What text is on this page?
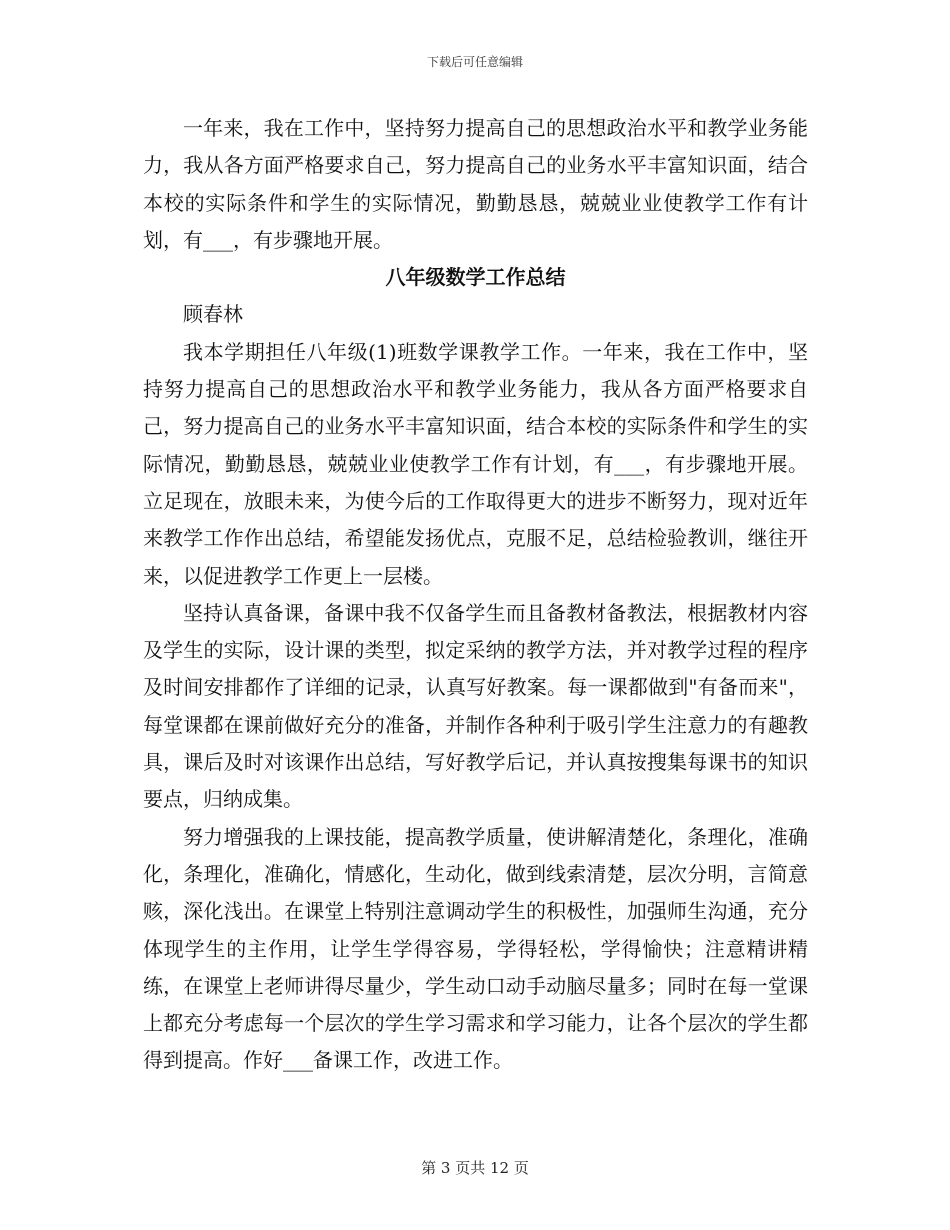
下载后可任意编辑

一年来，我在工作中，坚持努力提高自己的思想政治水平和教学业务能力，我从各方面严格要求自己，努力提高自己的业务水平丰富知识面，结合本校的实际条件和学生的实际情况，勤勤恳恳，兢兢业业使教学工作有计划，有___，有步骤地开展。

八年级数学工作总结

顾春林

我本学期担任八年级(1)班数学课教学工作。一年来，我在工作中，坚持努力提高自己的思想政治水平和教学业务能力，我从各方面严格要求自己，努力提高自己的业务水平丰富知识面，结合本校的实际条件和学生的实际情况，勤勤恳恳，兢兢业业使教学工作有计划，有___，有步骤地开展。立足现在，放眼未来，为使今后的工作取得更大的进步不断努力，现对近年来教学工作作出总结，希望能发扬优点，克服不足，总结检验教训，继往开来，以促进教学工作更上一层楼。

坚持认真备课，备课中我不仅备学生而且备教材备教法，根据教材内容及学生的实际，设计课的类型，拟定采纳的教学方法，并对教学过程的程序及时间安排都作了详细的记录，认真写好教案。每一课都做到"有备而来"，每堂课都在课前做好充分的准备，并制作各种利于吸引学生注意力的有趣教具，课后及时对该课作出总结，写好教学后记，并认真按搜集每课书的知识要点，归纳成集。

努力增强我的上课技能，提高教学质量，使讲解清楚化，条理化，准确化，条理化，准确化，情感化，生动化，做到线索清楚，层次分明，言简意赅，深化浅出。在课堂上特别注意调动学生的积极性，加强师生沟通，充分体现学生的主作用，让学生学得容易，学得轻松，学得愉快；注意精讲精练，在课堂上老师讲得尽量少，学生动口动手动脑尽量多；同时在每一堂课上都充分考虑每一个层次的学生学习需求和学习能力，让各个层次的学生都得到提高。作好___备课工作，改进工作。

第 3 页共 12 页
